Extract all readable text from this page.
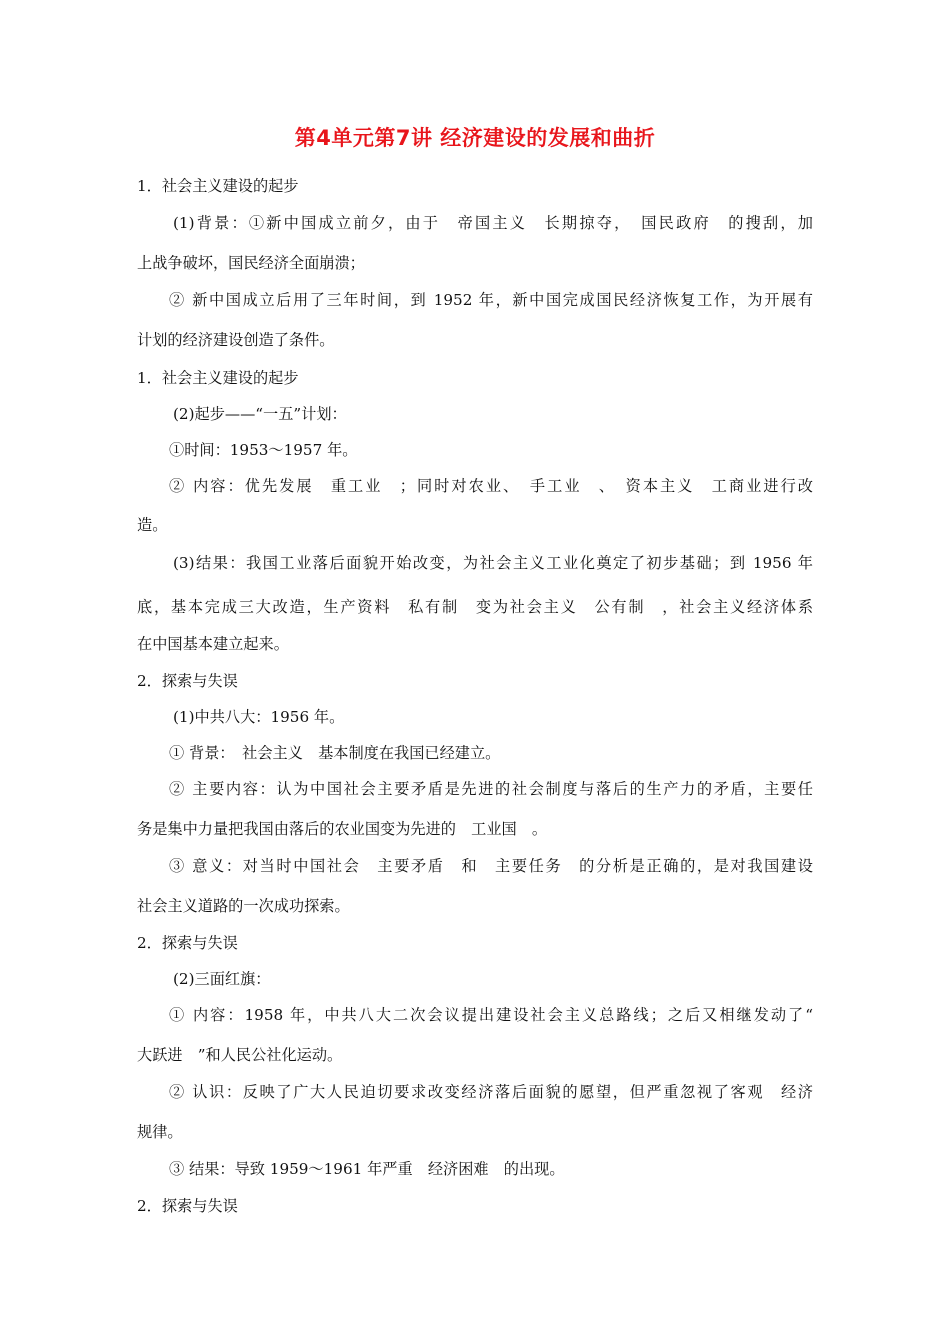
第4单元第7讲 经济建设的发展和曲折
1．社会主义建设的起步
(1)背景：①新中国成立前夕，由于　帝国主义　长期掠夺，　国民政府　的搜刮，加
上战争破坏，国民经济全面崩溃；
② 新中国成立后用了三年时间，到 1952 年，新中国完成国民经济恢复工作，为开展有
计划的经济建设创造了条件。
1．社会主义建设的起步
(2)起步——“一五”计划：
①时间：1953～1957 年。
② 内容：优先发展　重工业　；同时对农业、　手工业　、　资本主义　工商业进行改
造。
(3)结果：我国工业落后面貌开始改变，为社会主义工业化奠定了初步基础；到 1956 年
底，基本完成三大改造，生产资料　私有制　变为社会主义　公有制　，社会主义经济体系
在中国基本建立起来。
2．探索与失误
(1)中共八大：1956 年。
① 背景：　社会主义　基本制度在我国已经建立。
② 主要内容：认为中国社会主要矛盾是先进的社会制度与落后的生产力的矛盾，主要任
务是集中力量把我国由落后的农业国变为先进的　工业国　。
③ 意义：对当时中国社会　主要矛盾　和　主要任务　的分析是正确的，是对我国建设
社会主义道路的一次成功探索。
2．探索与失误
(2)三面红旗：
① 内容：1958 年，中共八大二次会议提出建设社会主义总路线；之后又相继发动了“
大跃进　”和人民公社化运动。
② 认识：反映了广大人民迫切要求改变经济落后面貌的愿望，但严重忽视了客观　经济
规律。
③ 结果：导致 1959～1961 年严重　经济困难　的出现。
2．探索与失误
